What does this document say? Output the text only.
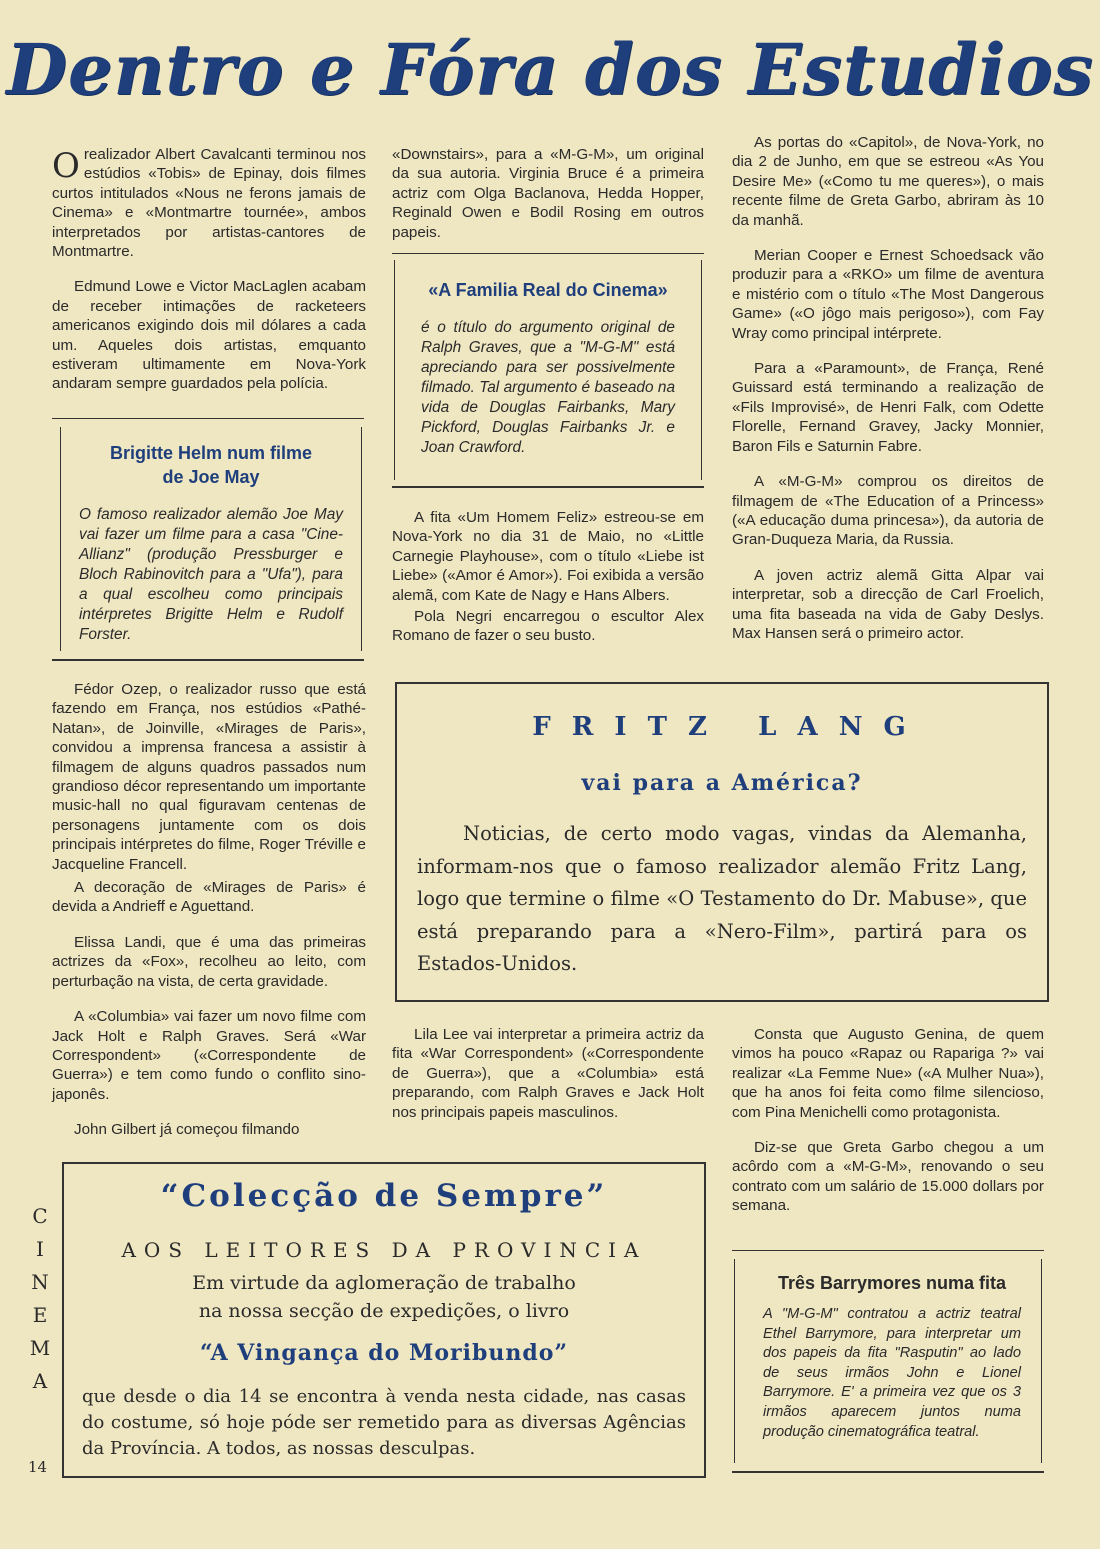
Dentro e Fóra dos Estudios

Orealizador Albert Cavalcanti terminou nos estúdios «Tobis» de Epinay, dois filmes curtos intitulados «Nous ne ferons jamais de Cinema» e «Montmartre tournée», ambos interpretados por artistas-cantores de Montmartre.

Edmund Lowe e Victor MacLaglen acabam de receber intimações de racketeers americanos exigindo dois mil dólares a cada um. Aqueles dois artistas, emquanto estiveram ultimamente em Nova-York andaram sempre guardados pela polícia.

Brigitte Helm num filme
de Joe May
O famoso realizador alemão Joe May vai fazer um filme para a casa "Cine-Allianz" (produção Pressburger e Bloch Rabinovitch para a "Ufa"), para a qual escolheu como principais intérpretes Brigitte Helm e Rudolf Forster.

Fédor Ozep, o realizador russo que está fazendo em França, nos estúdios «Pathé-Natan», de Joinville, «Mirages de Paris», convidou a imprensa francesa a assistir à filmagem de alguns quadros passados num grandioso décor representando um importante music-hall no qual figuravam centenas de personagens juntamente com os dois principais intérpretes do filme, Roger Tréville e Jacqueline Francell.

A decoração de «Mirages de Paris» é devida a Andrieff e Aguettand.

Elissa Landi, que é uma das primeiras actrizes da «Fox», recolheu ao leito, com perturbação na vista, de certa gravidade.

A «Columbia» vai fazer um novo filme com Jack Holt e Ralph Graves. Será «War Correspondent» («Correspondente de Guerra») e tem como fundo o conflito sino-japonês.

John Gilbert já começou filmando

«Downstairs», para a «M-G-M», um original da sua autoria. Virginia Bruce é a primeira actriz com Olga Baclanova, Hedda Hopper, Reginald Owen e Bodil Rosing em outros papeis.

«A Familia Real do Cinema»
é o título do argumento original de Ralph Graves, que a "M-G-M" está apreciando para ser possivelmente filmado. Tal argumento é baseado na vida de Douglas Fairbanks, Mary Pickford, Douglas Fairbanks Jr. e Joan Crawford.

A fita «Um Homem Feliz» estreou-se em Nova-York no dia 31 de Maio, no «Little Carnegie Playhouse», com o título «Liebe ist Liebe» («Amor é Amor»). Foi exibida a versão alemã, com Kate de Nagy e Hans Albers.

Pola Negri encarregou o escultor Alex Romano de fazer o seu busto.

As portas do «Capitol», de Nova-York, no dia 2 de Junho, em que se estreou «As You Desire Me» («Como tu me queres»), o mais recente filme de Greta Garbo, abriram às 10 da manhã.

Merian Cooper e Ernest Schoedsack vão produzir para a «RKO» um filme de aventura e mistério com o título «The Most Dangerous Game» («O jôgo mais perigoso»), com Fay Wray como principal intérprete.

Para a «Paramount», de França, René Guissard está terminando a realização de «Fils Improvisé», de Henri Falk, com Odette Florelle, Fernand Gravey, Jacky Monnier, Baron Fils e Saturnin Fabre.

A «M-G-M» comprou os direitos de filmagem de «The Education of a Princess» («A educação duma princesa»), da autoria de Gran-Duqueza Maria, da Russia.

A joven actriz alemã Gitta Alpar vai interpretar, sob a direcção de Carl Froelich, uma fita baseada na vida de Gaby Deslys. Max Hansen será o primeiro actor.

F R I T Z   L A N G
vai para a América?
Noticias, de certo modo vagas, vindas da Alemanha, informam-nos que o famoso realizador alemão Fritz Lang, logo que termine o filme «O Testamento do Dr. Mabuse», que está preparando para a «Nero-Film», partirá para os Estados-Unidos.

Lila Lee vai interpretar a primeira actriz da fita «War Correspondent» («Correspondente de Guerra»), que a «Columbia» está preparando, com Ralph Graves e Jack Holt nos principais papeis masculinos.

Consta que Augusto Genina, de quem vimos ha pouco «Rapaz ou Rapariga ?» vai realizar «La Femme Nue» («A Mulher Nua»), que ha anos foi feita como filme silencioso, com Pina Menichelli como protagonista.

Diz-se que Greta Garbo chegou a um acôrdo com a «M-G-M», renovando o seu contrato com um salário de 15.000 dollars por semana.

Três Barrymores numa fita
A "M-G-M" contratou a actriz teatral Ethel Barrymore, para interpretar um dos papeis da fita "Rasputin" ao lado de seus irmãos John e Lionel Barrymore. E' a primeira vez que os 3 irmãos aparecem juntos numa produção cinematográfica teatral.
“Colecção de Sempre”
AOS LEITORES DA PROVINCIA
Em virtude da aglomeração de trabalho
na nossa secção de expedições, o livro
“A Vingança do Moribundo”
que desde o dia 14 se encontra à venda nesta cidade, nas casas do costume, só hoje póde ser remetido para as diversas Agências da Província. A todos, as nossas desculpas.
C
I
N
E
M
A
14
